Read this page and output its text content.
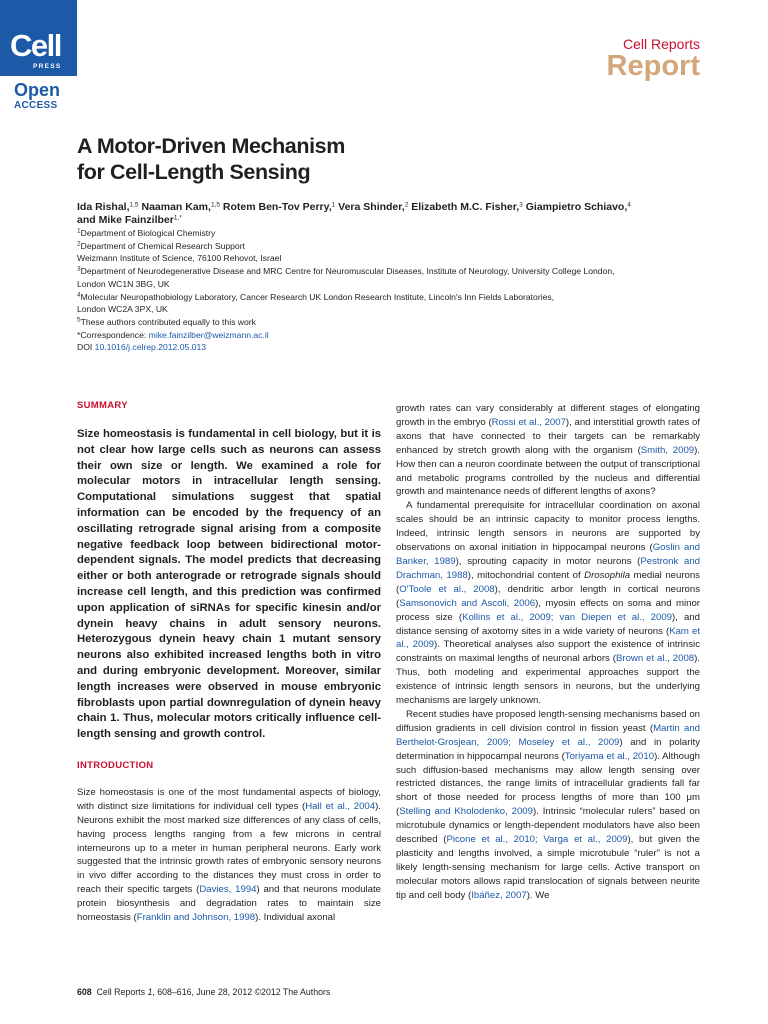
Cell
PRESS
Open
ACCESS
Cell Reports
Report
A Motor-Driven Mechanism
for Cell-Length Sensing
Ida Rishal,$^{1,5}$ Naaman Kam,$^{1,5}$ Rotem Ben-Tov Perry,$^1$ Vera Shinder,$^2$ Elizabeth M.C. Fisher,$^3$ Giampietro Schiavo,$^4$
and Mike Fainzilber$^{1,*}$
$^1$Department of Biological Chemistry
$^2$Department of Chemical Research Support
Weizmann Institute of Science, 76100 Rehovot, Israel
$^3$Department of Neurodegenerative Disease and MRC Centre for Neuromuscular Diseases, Institute of Neurology, University College London,
London WC1N 3BG, UK
$^4$Molecular Neuropathobiology Laboratory, Cancer Research UK London Research Institute, Lincoln's Inn Fields Laboratories,
London WC2A 3PX, UK
$^5$These authors contributed equally to this work
*Correspondence: mike.fainzilber@weizmann.ac.il
DOI 10.1016/j.celrep.2012.05.013
SUMMARY
Size homeostasis is fundamental in cell biology, but it is not clear how large cells such as neurons can assess their own size or length. We examined a role for molecular motors in intracellular length sensing. Computational simulations suggest that spatial information can be encoded by the frequency of an oscillating retrograde signal arising from a composite negative feedback loop between bidirectional motor-dependent signals. The model predicts that decreasing either or both anterograde or retrograde signals should increase cell length, and this prediction was confirmed upon application of siRNAs for specific kinesin and/or dynein heavy chains in adult sensory neurons. Heterozygous dynein heavy chain 1 mutant sensory neurons also exhibited increased lengths both in vitro and during embryonic development. Moreover, similar length increases were observed in mouse embryonic fibroblasts upon partial downregulation of dynein heavy chain 1. Thus, molecular motors critically influence cell-length sensing and growth control.
INTRODUCTION

Size homeostasis is one of the most fundamental aspects of biology, with distinct size limitations for individual cell types (Hall et al., 2004). Neurons exhibit the most marked size differences of any class of cells, having process lengths ranging from a few microns in central interneurons up to a meter in human peripheral neurons. Early work suggested that the intrinsic growth rates of embryonic sensory neurons in vivo differ according to the distances they must cross in order to reach their specific targets (Davies, 1994) and that neurons modulate protein biosynthesis and degradation rates to maintain size homeostasis (Franklin and Johnson, 1998). Individual axonal

growth rates can vary considerably at different stages of elongating growth in the embryo (Rossi et al., 2007), and interstitial growth rates of axons that have connected to their targets can be remarkably enhanced by stretch growth along with the organism (Smith, 2009). How then can a neuron coordinate between the output of transcriptional and metabolic programs controlled by the nucleus and differential growth and maintenance needs of different lengths of axons?

A fundamental prerequisite for intracellular coordination on axonal scales should be an intrinsic capacity to monitor process lengths. Indeed, intrinsic length sensors in neurons are supported by observations on axonal initiation in hippocampal neurons (Goslin and Banker, 1989), sprouting capacity in motor neurons (Pestronk and Drachman, 1988), mitochondrial content of Drosophila medial neurons (O'Toole et al., 2008), dendritic arbor length in cortical neurons (Samsonovich and Ascoli, 2006), myosin effects on soma and minor process size (Kollins et al., 2009; van Diepen et al., 2009), and distance sensing of axotomy sites in a wide variety of neurons (Kam et al., 2009). Theoretical analyses also support the existence of intrinsic constraints on maximal lengths of neuronal arbors (Brown et al., 2008). Thus, both modeling and experimental approaches support the existence of intrinsic length sensors in neurons, but the underlying mechanisms are largely unknown.

Recent studies have proposed length-sensing mechanisms based on diffusion gradients in cell division control in fission yeast (Martin and Berthelot-Grosjean, 2009; Moseley et al., 2009) and in polarity determination in hippocampal neurons (Toriyama et al., 2010). Although such diffusion-based mechanisms may allow length sensing over restricted distances, the range limits of intracellular gradients fall far short of those needed for process lengths of more than 100 μm (Stelling and Kholodenko, 2009). Intrinsic “molecular rulers” based on microtubule dynamics or length-dependent modulators have also been described (Picone et al., 2010; Varga et al., 2009), but given the plasticity and lengths involved, a simple microtubule “ruler” is not a likely length-sensing mechanism for large cells. Active transport on molecular motors allows rapid translocation of signals between neurite tip and cell body (Ibáñez, 2007). We

608 Cell Reports 1, 608–616, June 28, 2012 ©2012 The Authors
